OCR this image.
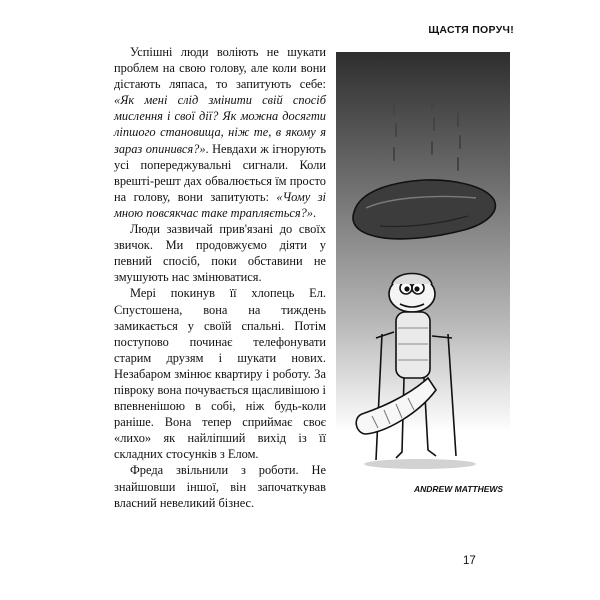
ЩАСТЯ ПОРУЧ!

Успішні люди воліють не шукати проблем на свою голову, але коли вони дістають ляпаса, то запитують себе: «Як мені слід змінити свій спосіб мислення і свої дії? Як можна досягти ліпшого становища, ніж те, в якому я зараз опинився?». Невдахи ж ігнорують усі попереджувальні сигнали. Коли врешті-решт дах обвалюється їм просто на голову, вони запитують: «Чому зі мною повсякчас таке трапляється?».

Люди зазвичай прив'язані до своїх звичок. Ми продовжуємо діяти у певний спосіб, поки обставини не змушують нас змінюватися.

Мері покинув її хлопець Ел. Спустошена, вона на тиждень замикається у своїй спальні. Потім поступово починає телефонувати старим друзям і шукати нових. Незабаром змінює квартиру і роботу. За півроку вона почувається щасливішою і впевненішою в собі, ніж будь-коли раніше. Вона тепер сприймає своє «лихо» як найліпший вихід із її складних стосунків з Елом.

Фреда звільнили з роботи. Не знайшовши іншої, він започаткував власний невеликий бізнес.

ANDREW MATTHEWS
17
